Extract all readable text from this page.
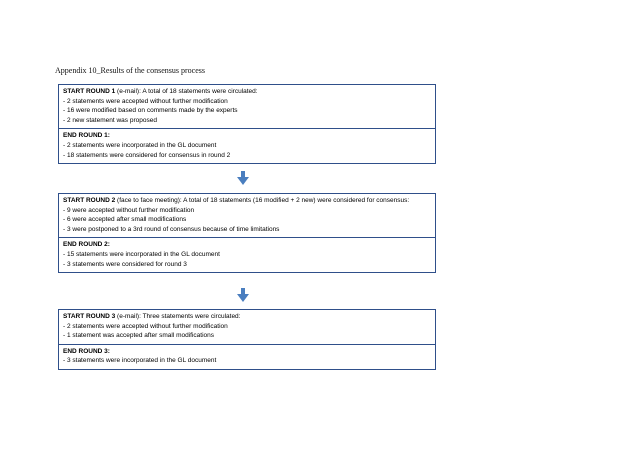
Appendix 10_Results of the consensus process
START ROUND 1 (e-mail): A total of 18 statements were circulated:
- 2 statements were accepted without further modification
- 16 were modified based on comments made by the experts
- 2 new statement was proposed
END ROUND 1:
- 2 statements were incorporated in the GL document
- 18 statements were considered for consensus in round 2
START ROUND 2 (face to face meeting): A total of 18 statements (16 modified + 2 new) were considered for consensus:
- 9 were accepted without further modification
- 6 were accepted after small modifications
- 3 were postponed to a 3rd round of consensus because of time limitations
END ROUND 2:
- 15 statements were incorporated in the GL document
- 3 statements were considered for round 3
START ROUND 3 (e-mail): Three statements were circulated:
- 2 statements were accepted without further modification
- 1 statement was accepted after small modifications
END ROUND 3:
- 3 statements were incorporated in the GL document
